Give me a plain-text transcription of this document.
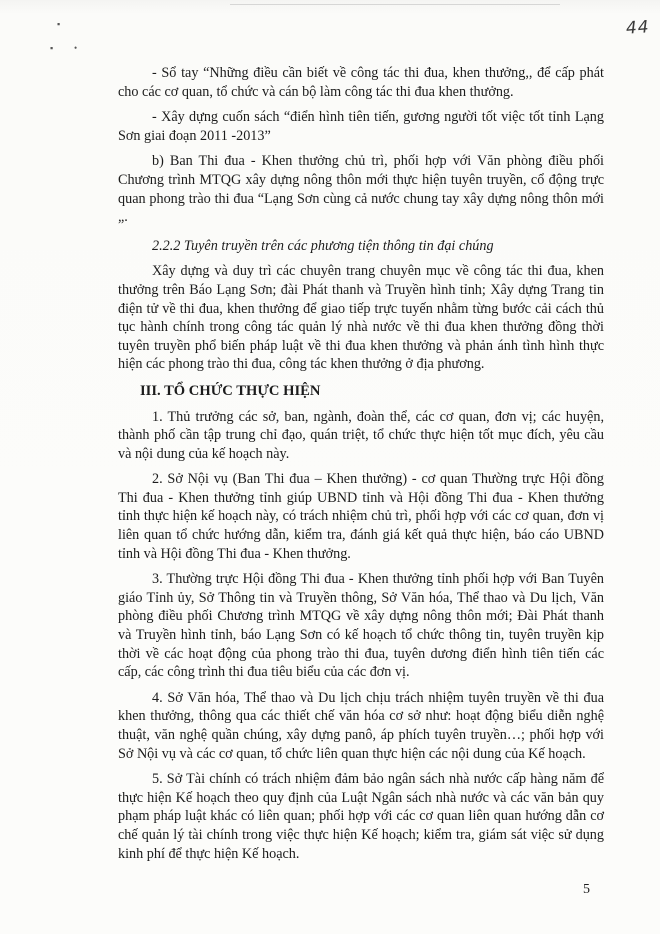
▪
▪ •
44

- Sổ tay “Những điều cần biết về công tác thi đua, khen thưởng,, để cấp phát cho các cơ quan, tổ chức và cán bộ làm công tác thi đua khen thưởng.

- Xây dựng cuốn sách “điển hình tiên tiến, gương người tốt việc tốt tỉnh Lạng Sơn giai đoạn 2011 -2013”

b) Ban Thi đua - Khen thưởng chủ trì, phối hợp với Văn phòng điều phối Chương trình MTQG xây dựng nông thôn mới thực hiện tuyên truyền, cổ động trực quan phong trào thi đua “Lạng Sơn cùng cả nước chung tay xây dựng nông thôn mới „.

2.2.2 Tuyên truyền trên các phương tiện thông tin đại chúng

Xây dựng và duy trì các chuyên trang chuyên mục về công tác thi đua, khen thưởng trên Báo Lạng Sơn; đài Phát thanh và Truyền hình tỉnh; Xây dựng Trang tin điện tử về thi đua, khen thưởng để giao tiếp trực tuyến nhằm từng bước cải cách thủ tục hành chính trong công tác quản lý nhà nước về thi đua khen thưởng đồng thời tuyên truyền phổ biến pháp luật về thi đua khen thưởng và phản ánh tình hình thực hiện các phong trào thi đua, công tác khen thưởng ở địa phương.

III. TỔ CHỨC THỰC HIỆN

1. Thủ trưởng các sở, ban, ngành, đoàn thể, các cơ quan, đơn vị; các huyện, thành phố cần tập trung chỉ đạo, quán triệt, tổ chức thực hiện tốt mục đích, yêu cầu và nội dung của kế hoạch này.

2. Sở Nội vụ (Ban Thi đua – Khen thưởng) - cơ quan Thường trực Hội đồng Thi đua - Khen thưởng tỉnh giúp UBND tỉnh và Hội đồng Thi đua - Khen thưởng tỉnh thực hiện kế hoạch này, có trách nhiệm chủ trì, phối hợp với các cơ quan, đơn vị liên quan tổ chức hướng dẫn, kiểm tra, đánh giá kết quả thực hiện, báo cáo UBND tỉnh và Hội đồng Thi đua - Khen thưởng.

3. Thường trực Hội đồng Thi đua - Khen thưởng tỉnh phối hợp với Ban Tuyên giáo Tỉnh ủy, Sở Thông tin và Truyền thông, Sở Văn hóa, Thể thao và Du lịch, Văn phòng điều phối Chương trình MTQG về xây dựng nông thôn mới; Đài Phát thanh và Truyền hình tỉnh, báo Lạng Sơn có kế hoạch tổ chức thông tin, tuyên truyền kịp thời về các hoạt động của phong trào thi đua, tuyên dương điển hình tiên tiến các cấp, các công trình thi đua tiêu biểu của các đơn vị.

4. Sở Văn hóa, Thể thao và Du lịch chịu trách nhiệm tuyên truyền về thi đua khen thưởng, thông qua các thiết chế văn hóa cơ sở như: hoạt động biểu diễn nghệ thuật, văn nghệ quần chúng, xây dựng panô, áp phích tuyên truyền…; phối hợp với Sở Nội vụ và các cơ quan, tổ chức liên quan thực hiện các nội dung của Kế hoạch.

5. Sở Tài chính có trách nhiệm đảm bảo ngân sách nhà nước cấp hàng năm để thực hiện Kế hoạch theo quy định của Luật Ngân sách nhà nước và các văn bản quy phạm pháp luật khác có liên quan; phối hợp với các cơ quan liên quan hướng dẫn cơ chế quản lý tài chính trong việc thực hiện Kế hoạch; kiểm tra, giám sát việc sử dụng kinh phí để thực hiện Kế hoạch.

5
